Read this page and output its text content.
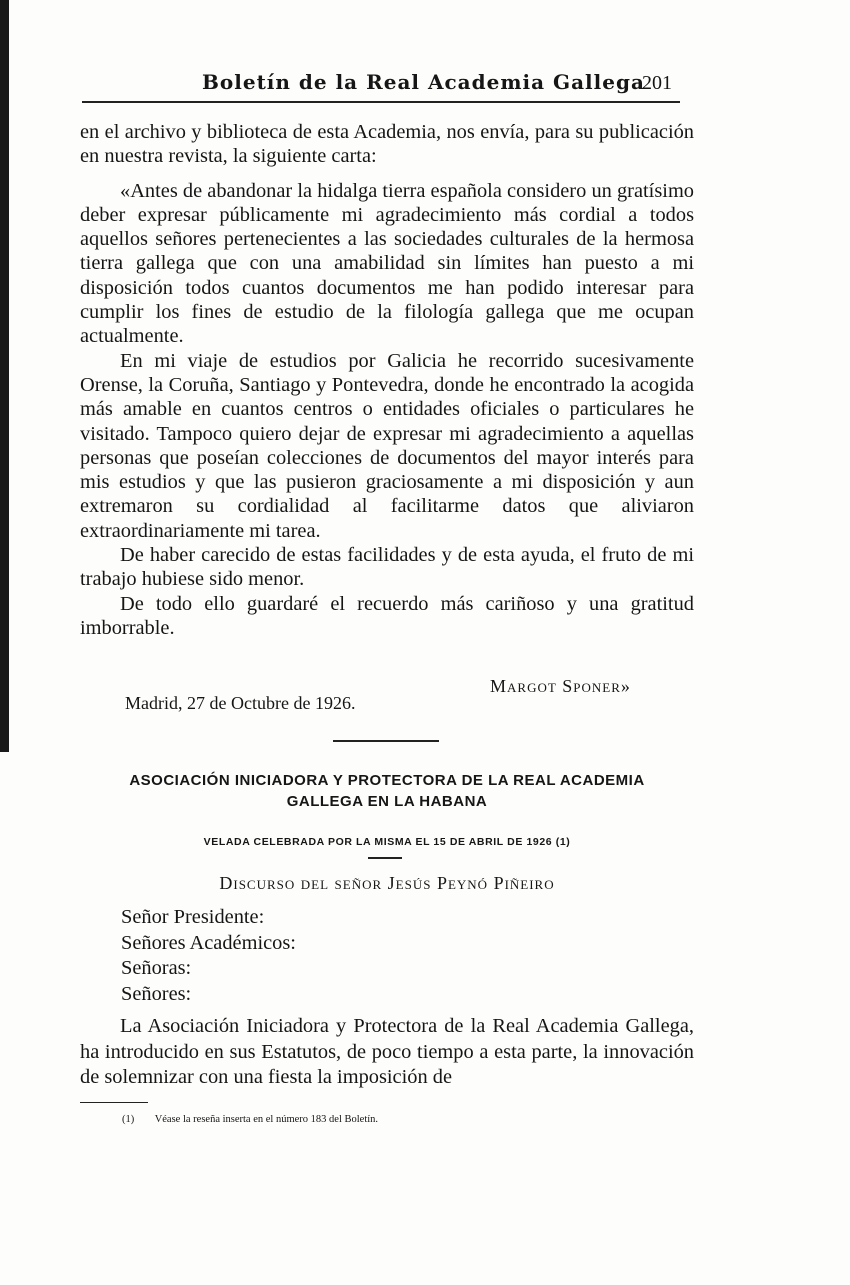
Boletín de la Real Academia Gallega
201

en el archivo y biblioteca de esta Academia, nos envía, para su publicación en nuestra revista, la siguiente carta:

«Antes de abandonar la hidalga tierra española considero un gratísimo deber expresar públicamente mi agradecimiento más cordial a todos aquellos señores pertenecientes a las sociedades culturales de la hermosa tierra gallega que con una amabilidad sin límites han puesto a mi disposición todos cuantos documentos me han podido interesar para cumplir los fines de estudio de la filología gallega que me ocupan actualmente.

En mi viaje de estudios por Galicia he recorrido sucesivamente Orense, la Coruña, Santiago y Pontevedra, donde he encontrado la acogida más amable en cuantos centros o entidades oficiales o particulares he visitado. Tampoco quiero dejar de expresar mi agradecimiento a aquellas personas que poseían colecciones de documentos del mayor interés para mis estudios y que las pusieron graciosamente a mi disposición y aun extremaron su cordialidad al facilitarme datos que aliviaron extraordinariamente mi tarea.

De haber carecido de estas facilidades y de esta ayuda, el fruto de mi trabajo hubiese sido menor.

De todo ello guardaré el recuerdo más cariñoso y una gratitud imborrable.

Margot Sponer»
Madrid, 27 de Octubre de 1926.
ASOCIACIÓN INICIADORA Y PROTECTORA DE LA REAL ACADEMIA
GALLEGA EN LA HABANA
VELADA CELEBRADA POR LA MISMA EL 15 DE ABRIL DE 1926 (1)
Discurso del señor Jesús Peynó Piñeiro
Señor Presidente:
Señores Académicos:
Señoras:
Señores:

La Asociación Iniciadora y Protectora de la Real Academia Gallega, ha introducido en sus Estatutos, de poco tiempo a esta parte, la innovación de solemnizar con una fiesta la imposición de

(1) Véase la reseña inserta en el número 183 del Boletín.
